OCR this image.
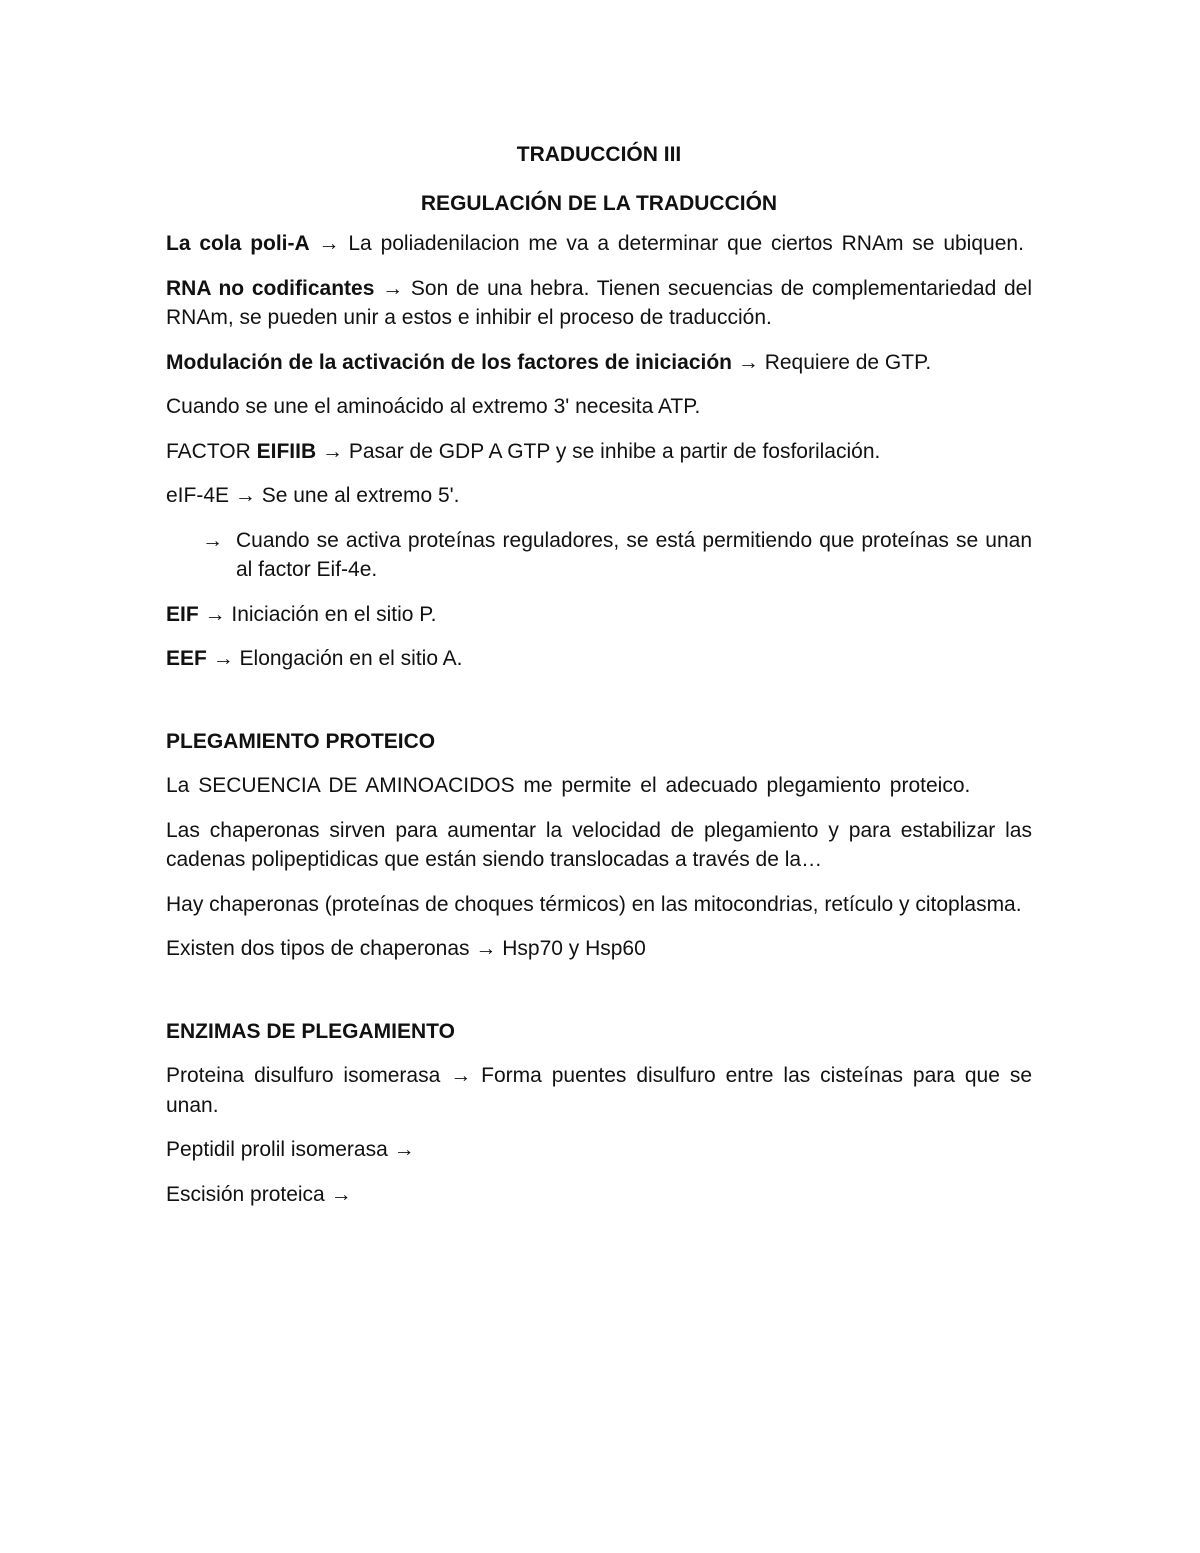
TRADUCCIÓN III
REGULACIÓN DE LA TRADUCCIÓN

La cola poli-A → La poliadenilacion me va a determinar que ciertos RNAm se ubiquen.

RNA no codificantes → Son de una hebra. Tienen secuencias de complementariedad del RNAm, se pueden unir a estos e inhibir el proceso de traducción.

Modulación de la activación de los factores de iniciación → Requiere de GTP.

Cuando se une el aminoácido al extremo 3' necesita ATP.

FACTOR EIFIIB → Pasar de GDP A GTP y se inhibe a partir de fosforilación.

eIF-4E → Se une al extremo 5'.

→ Cuando se activa proteínas reguladores, se está permitiendo que proteínas se unan al factor Eif-4e.

EIF → Iniciación en el sitio P.

EEF → Elongación en el sitio A.

PLEGAMIENTO PROTEICO

La SECUENCIA DE AMINOACIDOS me permite el adecuado plegamiento proteico.

Las chaperonas sirven para aumentar la velocidad de plegamiento y para estabilizar las cadenas polipeptidicas que están siendo translocadas a través de la…

Hay chaperonas (proteínas de choques térmicos) en las mitocondrias, retículo y citoplasma.

Existen dos tipos de chaperonas → Hsp70 y Hsp60

ENZIMAS DE PLEGAMIENTO

Proteina disulfuro isomerasa → Forma puentes disulfuro entre las cisteínas para que se unan.

Peptidil prolil isomerasa →

Escisión proteica →
